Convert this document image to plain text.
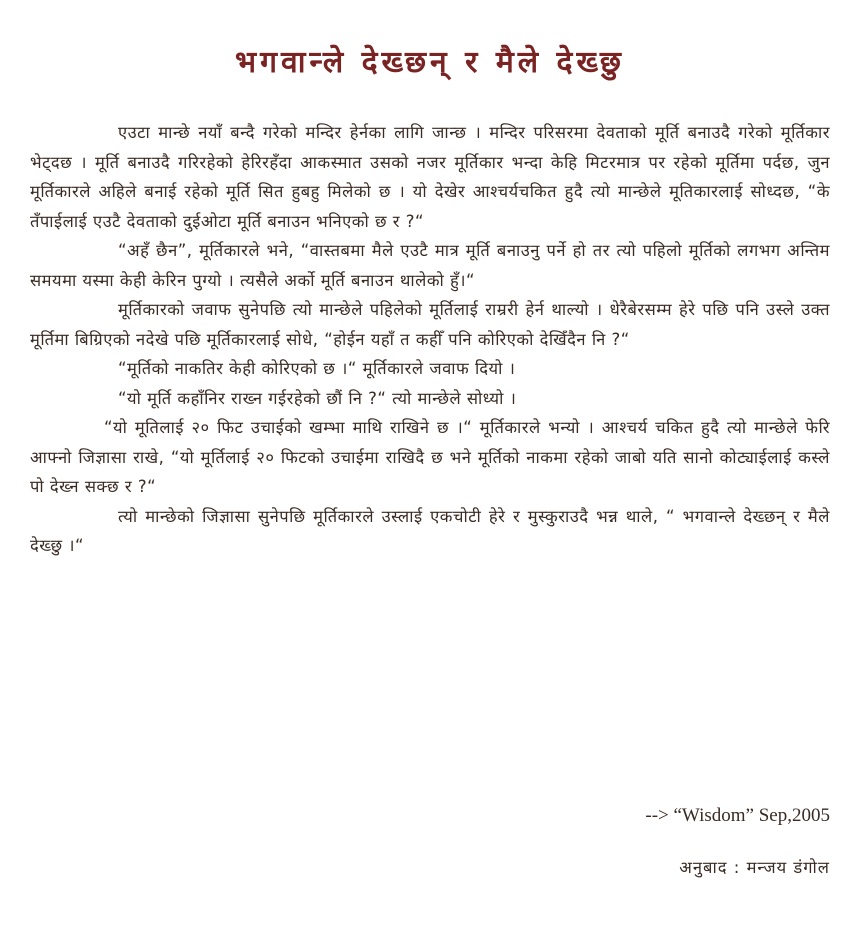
भगवान्ले देख्छन् र मैले देख्छु

एउटा मान्छे नयाँ बन्दै गरेको मन्दिर हेर्नका लागि जान्छ । मन्दिर परिसरमा देवताको मूर्ति बनाउदै गरेको मूर्तिकार भेट्दछ । मूर्ति बनाउदै गरिरहेको हेरिरहँदा आकस्मात उसको नजर मूर्तिकार भन्दा केहि मिटरमात्र पर रहेको मूर्तिमा पर्दछ, जुन मूर्तिकारले अहिले बनाई रहेको मूर्ति सित हुबहु मिलेको छ । यो देखेर आश्चर्यचकित हुदै त्यो मान्छेले मूतिकारलाई सोध्दछ, “के तँपाईलाई एउटै देवताको दुईओटा मूर्ति बनाउन भनिएको छ र ?“

“अहँ छैन”, मूर्तिकारले भने, “वास्तबमा मैले एउटै मात्र मूर्ति बनाउनु पर्ने हो तर त्यो पहिलो मूर्तिको लगभग अन्तिम समयमा यस्मा केही केरिन पुग्यो । त्यसैले अर्को मूर्ति बनाउन थालेको हुँ।“

मूर्तिकारको जवाफ सुनेपछि त्यो मान्छेले पहिलेको मूर्तिलाई राम्ररी हेर्न थाल्यो । धेरैबेरसम्म हेरे पछि पनि उस्ले उक्त मूर्तिमा बिग्रिएको नदेखे पछि मूर्तिकारलाई सोधे, “होईन यहाँ त कहीँ पनि कोरिएको देखिँदैन नि ?“

“मूर्तिको नाकतिर केही कोरिएको छ ।“ मूर्तिकारले जवाफ दियो ।

“यो मूर्ति कहाँनिर राख्न गईरहेको छौं नि ?“ त्यो मान्छेले सोध्यो ।

“यो मूतिलाई २० फिट उचाईको खम्भा माथि राखिने छ ।“ मूर्तिकारले भन्यो । आश्चर्य चकित हुदै त्यो मान्छेले फेरि आफ्नो जिज्ञासा राखे, “यो मूर्तिलाई २० फिटको उचाईमा राखिदै छ भने मूर्तिको नाकमा रहेको जाबो यति सानो कोट्याईलाई कस्ले पो देख्न सक्छ र ?“

त्यो मान्छेको जिज्ञासा सुनेपछि मूर्तिकारले उस्लाई एकचोटी हेरे र मुस्कुराउदै भन्न थाले, “ भगवान्ले देख्छन् र मैले देख्छु ।“

--> “Wisdom” Sep,2005
अनुबाद : मन्जय डंगोल
